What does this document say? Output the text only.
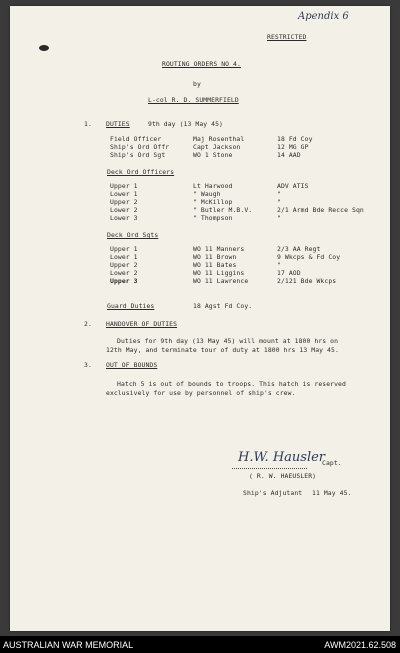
Apendix 6
RESTRICTED
ROUTING ORDERS NO 4.
by
L-col R. D. SUMMERFIELD
1. DUTIES	9th day (13 May 45)
Field Officer	Maj Rosenthal	18 Fd Coy
Ship's Ord Offr	Capt Jackson	12 MG GP
Ship's Ord Sgt	WO 1 Stone	14 AAD
Deck Ord Officers
Upper 1	Lt Harwood	ADV ATIS
Lower 1	" Waugh	"
Upper 2	" McKillop	"
Lower 2	" Butler M.B.V.	2/1 Armd Bde Recce Sqn
Lower 3	" Thompson	"
Deck Ord Sgts
Upper 1	WO 11 Manners	2/3 AA Regt
Lower 1	WO 11 Brown	9 Wkcps & Fd Coy
Upper 2	WO 11 Bates	"
Lower 2	WO 11 Liggins	17 AOD
Upper 3	WO 11 Lawrence	2/121 Bde Wkcps
Guard Duties	18 Agst Fd Coy.
2. HANDOVER OF DUTIES
Duties for 9th day (13 May 45) will mount at 1800 hrs on
12th May, and terminate tour of duty at 1800 hrs 13 May 45.
3. OUT OF BOUNDS
Hatch 5 is out of bounds to troops. This hatch is reserved
exclusively for use by personnel of ship's crew.
H.W. Hausler
Capt.
( R. W. HAEUSLER)
Ship's Adjutant 11 May 45.
AUSTRALIAN WAR MEMORIAL	AWM2021.62.508
